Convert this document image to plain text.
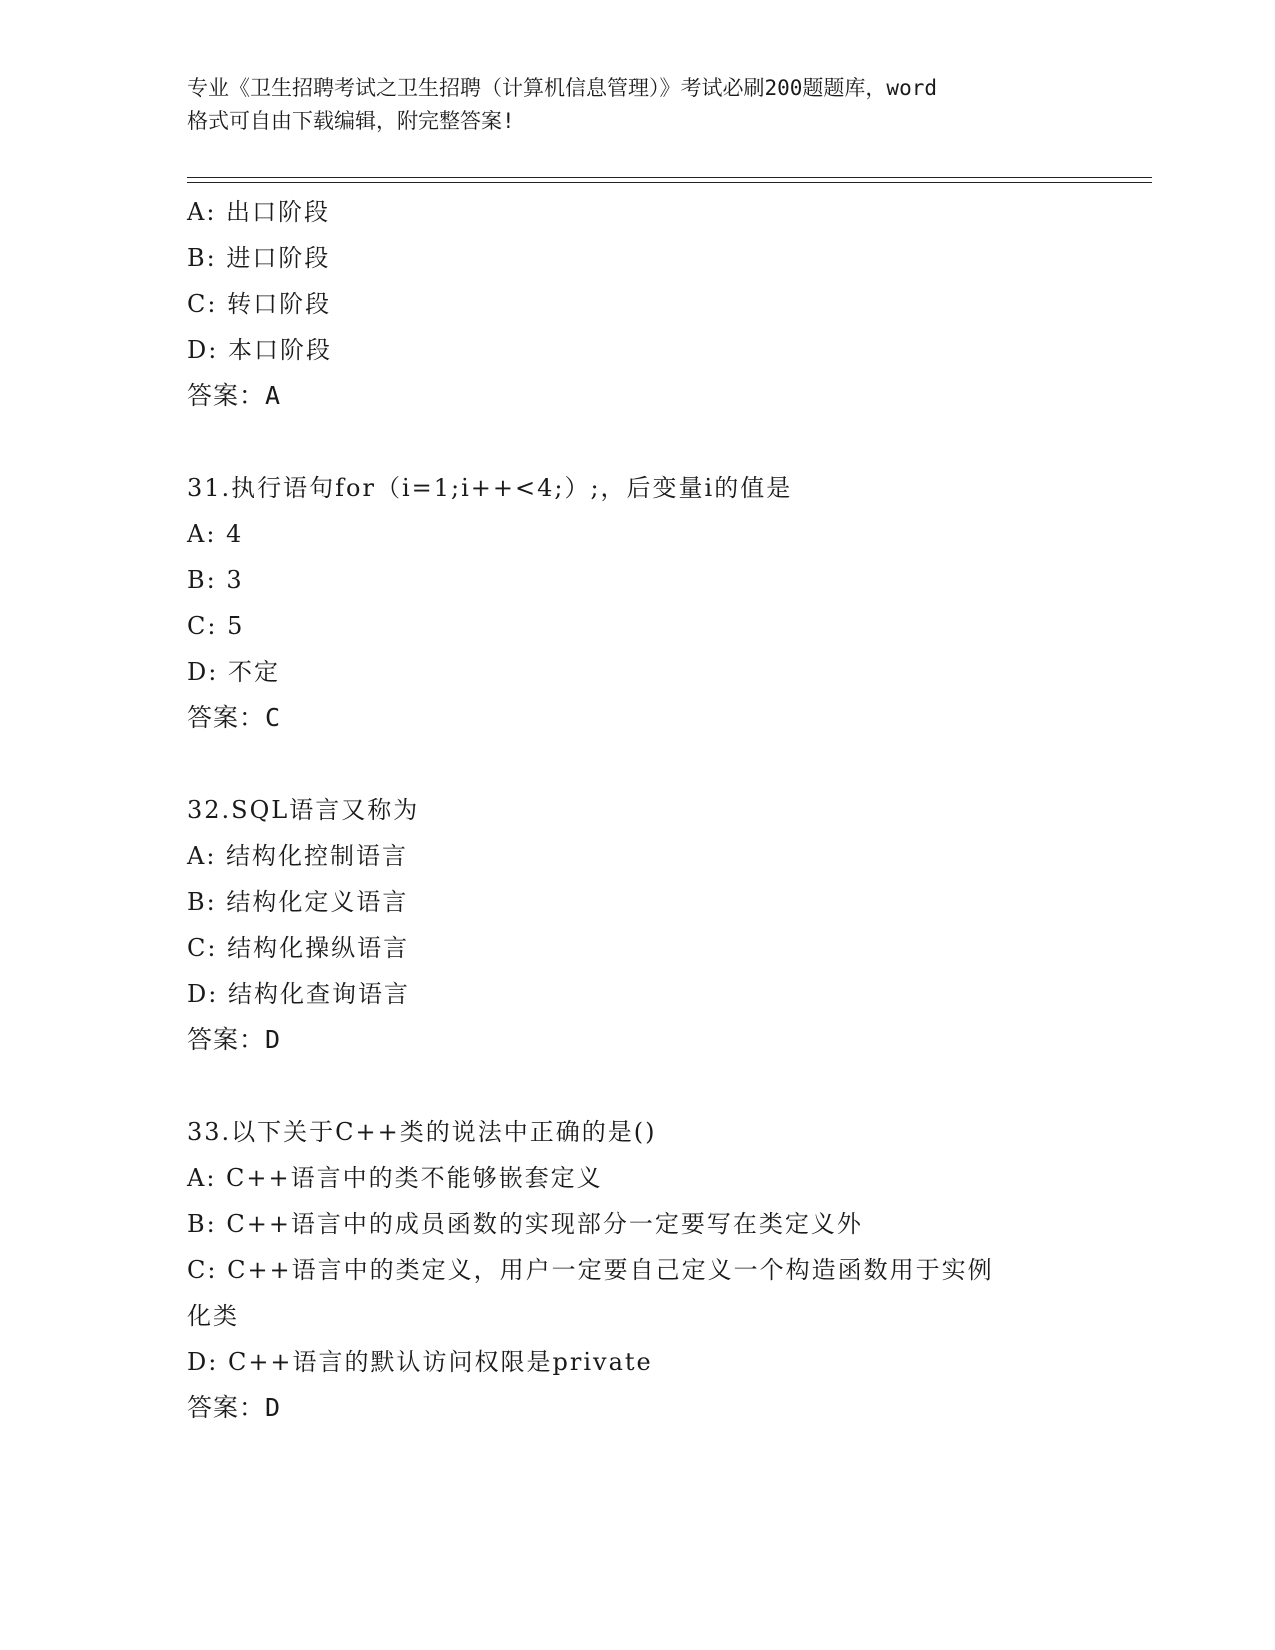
专业《卫生招聘考试之卫生招聘（计算机信息管理）》考试必刷200题题库，word
格式可自由下载编辑，附完整答案!
A: 出口阶段
B: 进口阶段
C: 转口阶段
D: 本口阶段
答案：A
31.执行语句for（i=1;i++<4;）;，后变量i的值是
A: 4
B: 3
C: 5
D: 不定
答案：C
32.SQL语言又称为
A: 结构化控制语言
B: 结构化定义语言
C: 结构化操纵语言
D: 结构化查询语言
答案：D
33.以下关于C++类的说法中正确的是()
A: C++语言中的类不能够嵌套定义
B: C++语言中的成员函数的实现部分一定要写在类定义外
C: C++语言中的类定义，用户一定要自己定义一个构造函数用于实例
化类
D: C++语言的默认访问权限是private
答案：D
